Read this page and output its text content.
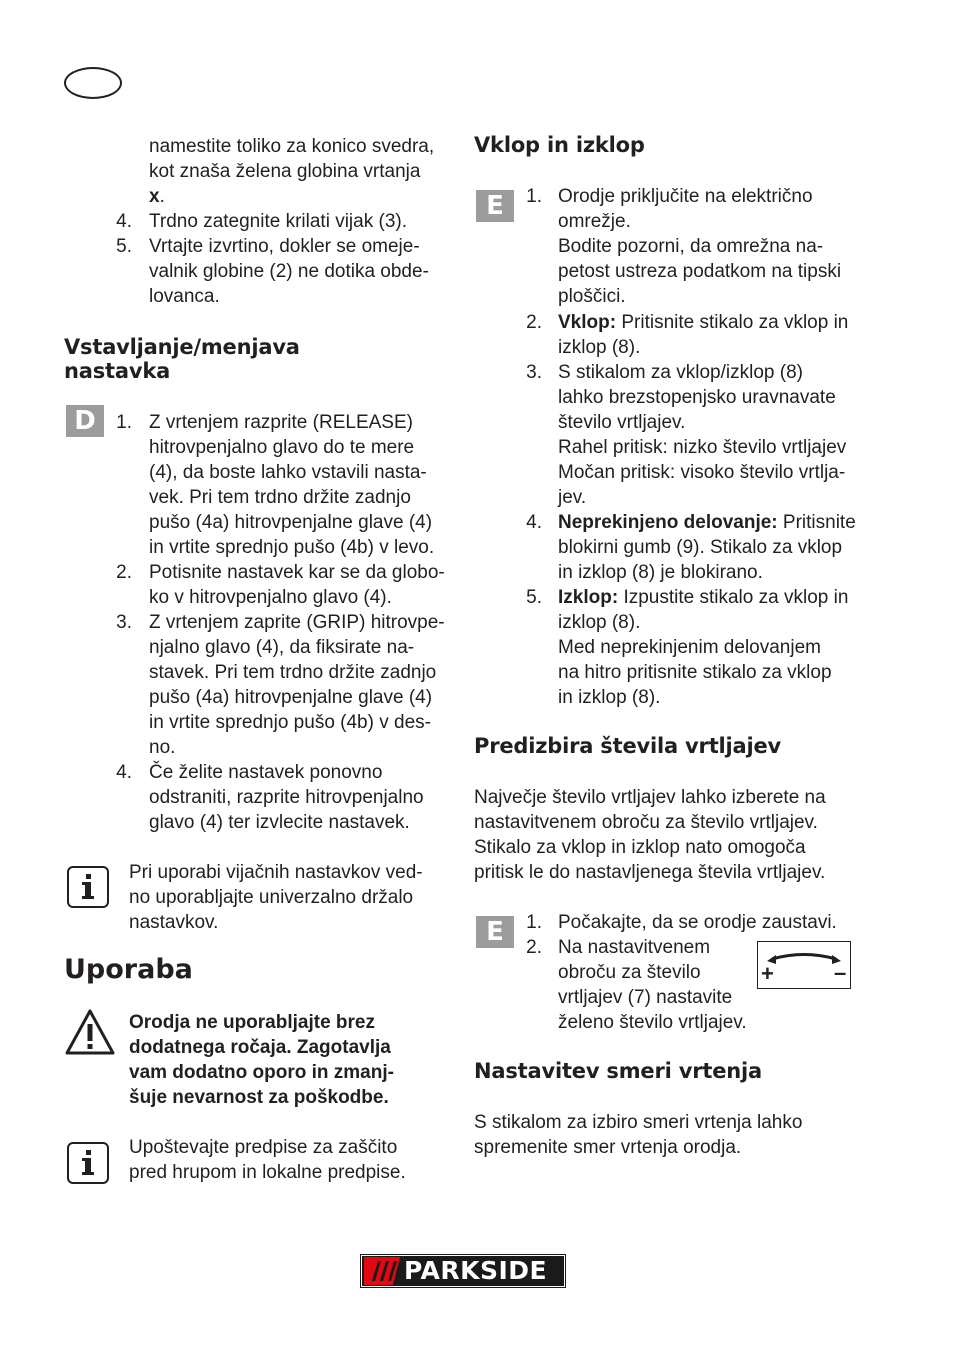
namestite toliko za konico svedra,
kot znaša želena globina vrtanja
x.
4. Trdno zategnite krilati vijak (3).
5. Vrtajte izvrtino, dokler se omeje-
valnik globine (2) ne dotika obde-
lovanca.
Vstavljanje/menjava
nastavka
D	1. Z vrtenjem razprite (RELEASE)
hitrovpenjalno glavo do te mere
(4), da boste lahko vstavili nasta-
vek. Pri tem trdno držite zadnjo
pušo (4a) hitrovpenjalne glave (4)
in vrtite sprednjo pušo (4b) v levo.
2. Potisnite nastavek kar se da globo-
ko v hitrovpenjalno glavo (4).
3. Z vrtenjem zaprite (GRIP) hitrovpe-
njalno glavo (4), da fiksirate na-
stavek. Pri tem trdno držite zadnjo
pušo (4a) hitrovpenjalne glave (4)
in vrtite sprednjo pušo (4b) v des-
no.
4. Če želite nastavek ponovno
odstraniti, razprite hitrovpenjalno
glavo (4) ter izvlecite nastavek.
Pri uporabi vijačnih nastavkov ved-
no uporabljajte univerzalno držalo
nastavkov.
Uporaba
Orodja ne uporabljajte brez
dodatnega ročaja. Zagotavlja
vam dodatno oporo in zmanj-
šuje nevarnost za poškodbe.
Upoštevajte predpise za zaščito
pred hrupom in lokalne predpise.
Vklop in izklop
E	1. Orodje priključite na električno
omrežje.
Bodite pozorni, da omrežna na-
petost ustreza podatkom na tipski
ploščici.
2. Vklop: Pritisnite stikalo za vklop in
izklop (8).
3. S stikalom za vklop/izklop (8)
lahko brezstopenjsko uravnavate
število vrtljajev.
Rahel pritisk: nizko število vrtljajev
Močan pritisk: visoko število vrtlja-
jev.
4. Neprekinjeno delovanje: Pritisnite
blokirni gumb (9). Stikalo za vklop
in izklop (8) je blokirano.
5. Izklop: Izpustite stikalo za vklop in
izklop (8).
Med neprekinjenim delovanjem
na hitro pritisnite stikalo za vklop
in izklop (8).
Predizbira števila vrtljajev
Največje število vrtljajev lahko izberete na
nastavitvenem obroču za število vrtljajev.
Stikalo za vklop in izklop nato omogoča
pritisk le do nastavljenega števila vrtljajev.
E	1. Počakajte, da se orodje zaustavi.
2. Na nastavitvenem
obroču za število
vrtljajev (7) nastavite
želeno število vrtljajev.
+	–
Nastavitev smeri vrtenja
S stikalom za izbiro smeri vrtenja lahko
spremenite smer vrtenja orodja.
PARKSIDE
